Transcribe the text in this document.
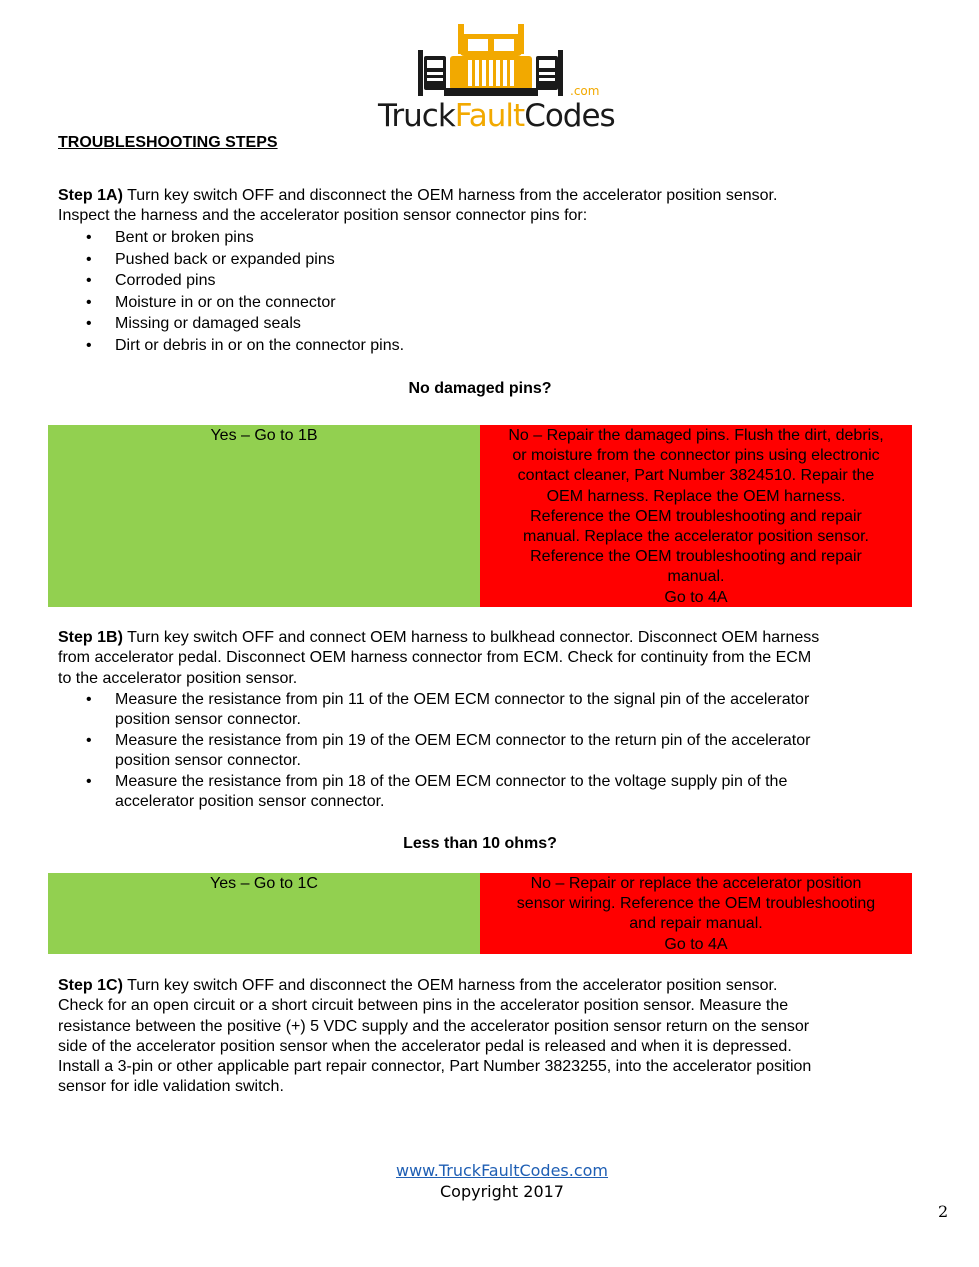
TruckFaultCodes
.com
TROUBLESHOOTING STEPS
Step 1A) Turn key switch OFF and disconnect the OEM harness from the accelerator position sensor.
Inspect the harness and the accelerator position sensor connector pins for:
• Bent or broken pins
• Pushed back or expanded pins
• Corroded pins
• Moisture in or on the connector
• Missing or damaged seals
• Dirt or debris in or on the connector pins.
No damaged pins?
Yes – Go to 1B	No – Repair the damaged pins. Flush the dirt, debris,
or moisture from the connector pins using electronic
contact cleaner, Part Number 3824510. Repair the
OEM harness. Replace the OEM harness.
Reference the OEM troubleshooting and repair
manual. Replace the accelerator position sensor.
Reference the OEM troubleshooting and repair
manual.
Go to 4A
Step 1B) Turn key switch OFF and connect OEM harness to bulkhead connector. Disconnect OEM harness
from accelerator pedal. Disconnect OEM harness connector from ECM. Check for continuity from the ECM
to the accelerator position sensor.
• Measure the resistance from pin 11 of the OEM ECM connector to the signal pin of the accelerator
position sensor connector.
• Measure the resistance from pin 19 of the OEM ECM connector to the return pin of the accelerator
position sensor connector.
• Measure the resistance from pin 18 of the OEM ECM connector to the voltage supply pin of the
accelerator position sensor connector.
Less than 10 ohms?
Yes – Go to 1C	No – Repair or replace the accelerator position
sensor wiring. Reference the OEM troubleshooting
and repair manual.
Go to 4A
Step 1C) Turn key switch OFF and disconnect the OEM harness from the accelerator position sensor.
Check for an open circuit or a short circuit between pins in the accelerator position sensor. Measure the
resistance between the positive (+) 5 VDC supply and the accelerator position sensor return on the sensor
side of the accelerator position sensor when the accelerator pedal is released and when it is depressed.
Install a 3-pin or other applicable part repair connector, Part Number 3823255, into the accelerator position
sensor for idle validation switch.
www.TruckFaultCodes.com
Copyright 2017
2
